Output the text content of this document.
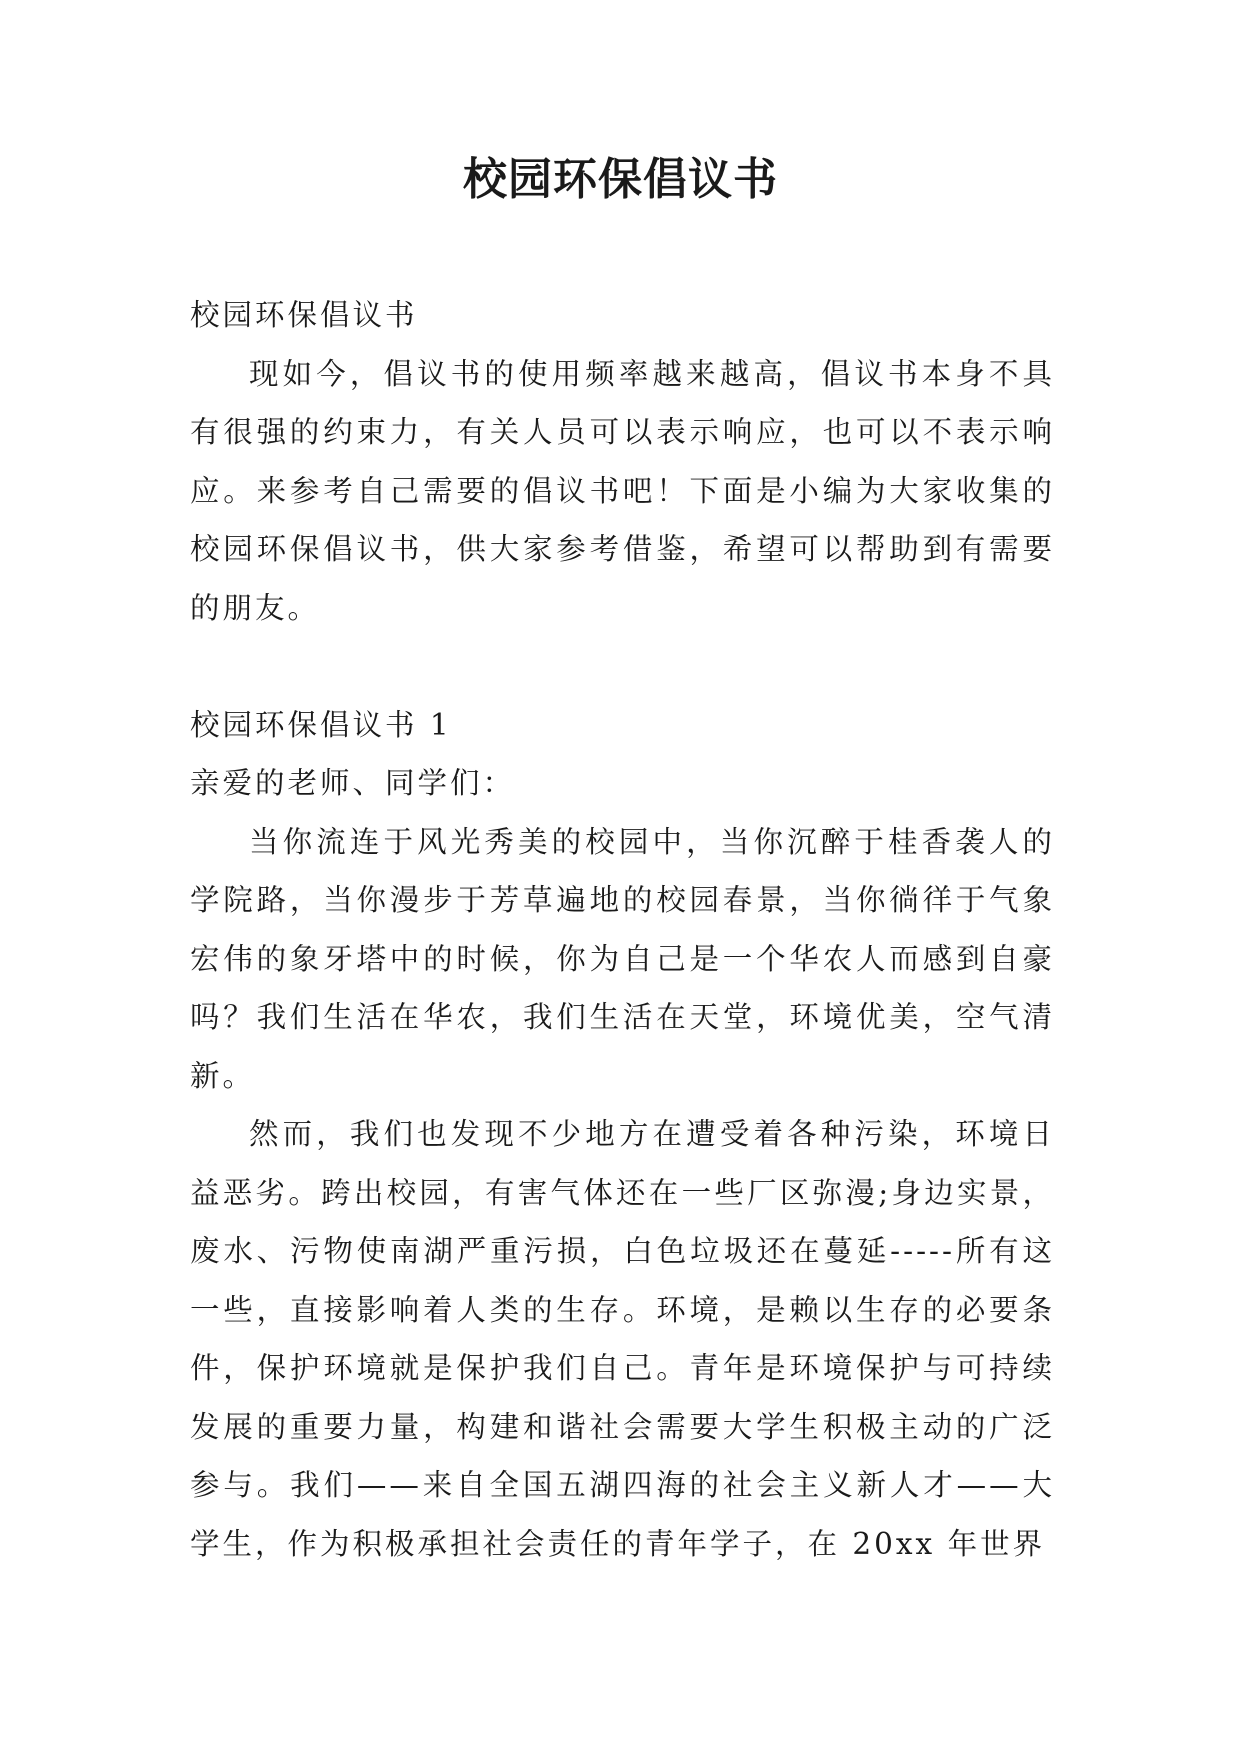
校园环保倡议书

校园环保倡议书

现如今，倡议书的使用频率越来越高，倡议书本身不具有很强的约束力，有关人员可以表示响应，也可以不表示响应。来参考自己需要的倡议书吧！下面是小编为大家收集的校园环保倡议书，供大家参考借鉴，希望可以帮助到有需要的朋友。

校园环保倡议书 1

亲爱的老师、同学们：

当你流连于风光秀美的校园中，当你沉醉于桂香袭人的学院路，当你漫步于芳草遍地的校园春景，当你徜徉于气象宏伟的象牙塔中的时候，你为自己是一个华农人而感到自豪吗？我们生活在华农，我们生活在天堂，环境优美，空气清新。

然而，我们也发现不少地方在遭受着各种污染，环境日益恶劣。跨出校园，有害气体还在一些厂区弥漫;身边实景，废水、污物使南湖严重污损，白色垃圾还在蔓延-----所有这一些，直接影响着人类的生存。环境，是赖以生存的必要条件，保护环境就是保护我们自己。青年是环境保护与可持续发展的重要力量，构建和谐社会需要大学生积极主动的广泛参与。我们——来自全国五湖四海的社会主义新人才——大学生，作为积极承担社会责任的青年学子，在 20xx 年世界
